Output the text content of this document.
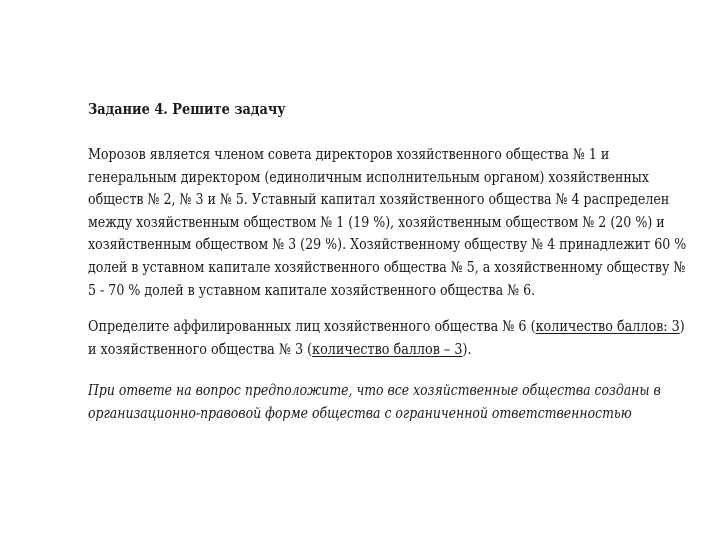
Задание 4. Решите задачу
Морозов является членом совета директоров хозяйственного общества № 1 и
генеральным директором (единоличным исполнительным органом) хозяйственных
обществ № 2, № 3 и № 5. Уставный капитал хозяйственного общества № 4 распределен
между хозяйственным обществом № 1 (19 %), хозяйственным обществом № 2 (20 %) и
хозяйственным обществом № 3 (29 %). Хозяйственному обществу № 4 принадлежит 60 %
долей в уставном капитале хозяйственного общества № 5, а хозяйственному обществу №
5 - 70 % долей в уставном капитале хозяйственного общества № 6.
Определите аффилированных лиц хозяйственного общества № 6 (количество баллов: 3)
и хозяйственного общества № 3 (количество баллов – 3).
При ответе на вопрос предположите, что все хозяйственные общества созданы в
организационно-правовой форме общества с ограниченной ответственностью
